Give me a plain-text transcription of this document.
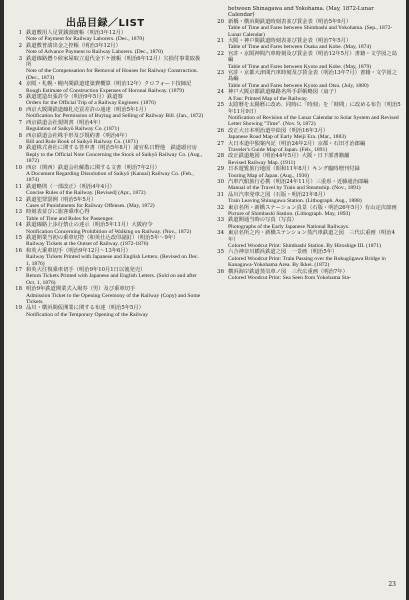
出品目録／LIST
1 鉄道敷用人足賃銭割渡帳（明治3年12月）
Note of Payment for Railway Laborers. (Dec., 1870)
2 鉄道敷普請出金之控帳（明治3年12月）
Note of Advance Payment to Railway Laborers. (Dec., 1870)
3 鉄道線路懸り候家屋取立退代金下ケ渡帳（明治6年12月）欠損付事業取扱所
Note of the Compensation for Removal of Houses for Railway Construction. (Dec., 1873)
4 京阪・札幌・幌内間鉄道建築費概算（明治12年）クロフォード技師記
Rough Estimate of Construction Expenses of Horonai Railway. (1879)
5 鉄道建造出張許令（明治9年5月）鉄道寮
Orders for the Official Trip of a Railway Engineer. (1876)
6 西京大阪間鉄道線札売買差許の通達（明治5年1月）
Notification for Permission of Buying and Selling of Railway Bill. (Jan., 1872)
7 西京鉄道会社規則書（明治4年）
Regulation of Saikyō Railway Co. (1871)
8 西京鉄道会社株手形及び規約書（明治4年）
Bill and Rule Book of Saikyō Railway Co. (1871)
9 鉄道株式會社に関する答申書（明治5年8月）諸官私日野他　鉄道頭官房
Reply to the Official Note Concerning the Stock of Saikyō Railway Co. (Aug., 1872)
10 西京（関西）鉄道会社解散に関する文書（明治7年2月）
A Document Regarding Dissolution of Saikyō (Kansai) Railway Co. (Feb., 1874)
11 鉄道略則（一部改正）（明治4年4月）
Concise Rules of the Railway. [Revised] (Apr., 1872)
12 鉄道犯罪罰例（明治5年5月）
Cases of Punishments for Railway Offenses. (May, 1872)
13 時刻表並びに旅客乗車心得
Table of Time and Rules for Passenger.
14 鉄道線路上歩行禁止の達示（明治5年11月）大阪府令
Notification Concerning Prohibition of Walking on Railway. (Nov., 1872)
15 鉄道開業当初の乗車切符（和英仕込改印副釘）（明治5年～9年）
Railway Tickets at the Outset of Railway. (1872-1876)
16 和英大乗車切手（明治9年12月～13年6月）
Railway Tickets Printed with Japanese and English Letters. (Revised on Dec. 1, 1876)
17 和英大往復乗車切手（明治9年10月1日以後発売）
Return Tickets Printed with Japanese and English Letters. (Sold on and after Oct. 1, 1876)
18 明治9年鉄道開業式入場券（男）及び乗車切手
Admission Ticket to the Opening Ceremony of the Railway (Copy) and Some Tickets.
19 品川・横浜間仮開業に関する布達（明治5年5月）
Notification of the Temporary Opening of the Railway
between Shinagawa and Yokohama. (May, 1872-Lunar Calendar)
20 新橋・横浜間鉄道時刻表並び賃金表（明治5年9月）
Table of Time and Fares between Shimbashi and Yokohama. (Sep., 1872-Lunar Calendar)
21 大阪・神戸間鉄道時刻表並び賃金表（明治7年5月）
Table of Time and Fares between Osaka and Kobe. (May, 1874)
22 官許・京阪神間汽車時刻及び賃金表（明治12年5月）書籍・文学図之島編
Table of Time and Fares between Kyoto and Kobe. (May, 1879)
23 官許・京都大津間汽車時刻及び賃金表（明治13年7月）書籍・文学図之島編
Table of Time and Fares between Kyoto and Otsu. (July, 1880)
24 神戸大阪京都鉄道線路名所手彩帳略図（扇子）
A Fan: Printed Map of the Railway.
25 太陰暦を太陽暦に改め、同時に「時刻」を「時間」に改める布告（明治5年11月9日）
Notification of Revision of the Lunar Calendar to Solar System and Revised Letter Showing "Time". (Nov. 9, 1872)
26 改正大日本明治道中絵図（明治16年3月）
Japanese Road Map of Early Meiji Era. (Mar., 1883)
27 大日本道中独案内記（明治24年2月）京都・石田才治郎編
Traveler's Guide Map of Japan. (Feb., 1891)
28 改正鉄道地図（明治44年5月）大阪・日下部書籍舗
Revised Railway Map. (1911)
29 日本遊覧旅行地図（昭和11年8月）キング臨時増刊付録
Touring Map of Japan. (Aug., 1936)
30 汽車汽船旅行必携（明治24年11月）三重県・近藤通治郎編
Manual of the Travel by Train and Steamship. (Nov., 1891)
31 品川汽車発車之図（石版・明治21年8月）
Train Leaving Shinagawa Station. (Lithograph. Aug., 1888)
32 東京名所・新橋ステーション真景（石版・明治26年5月）有山定次郎画
Picture of Shimbashi Station. (Lithograph. May, 1893)
33 鉄道開通当時の写真（写真）
Photographs of the Early Japanese National Railways.
34 東京名所之内・新橋ステンション蒸汽車鉄道之図　三代広重画（明治4年）
Colored Woodcut Print: Shimbashi Station. By Hiroshige III. (1871)
35 六合神奈川横浜鉄道之図　一景画（明治5年）
Colored Woodcut Print: Train Passing over the Rokugōgawa Bridge in Kanagawa-Yokohama Area. By Ikkei. (1872)
36 横浜海岸鉄道蒸気車ノ図　三代広重画（明治7年）
Colored Woodcut Print: Sea Seen from Yokohama Sta-
23
